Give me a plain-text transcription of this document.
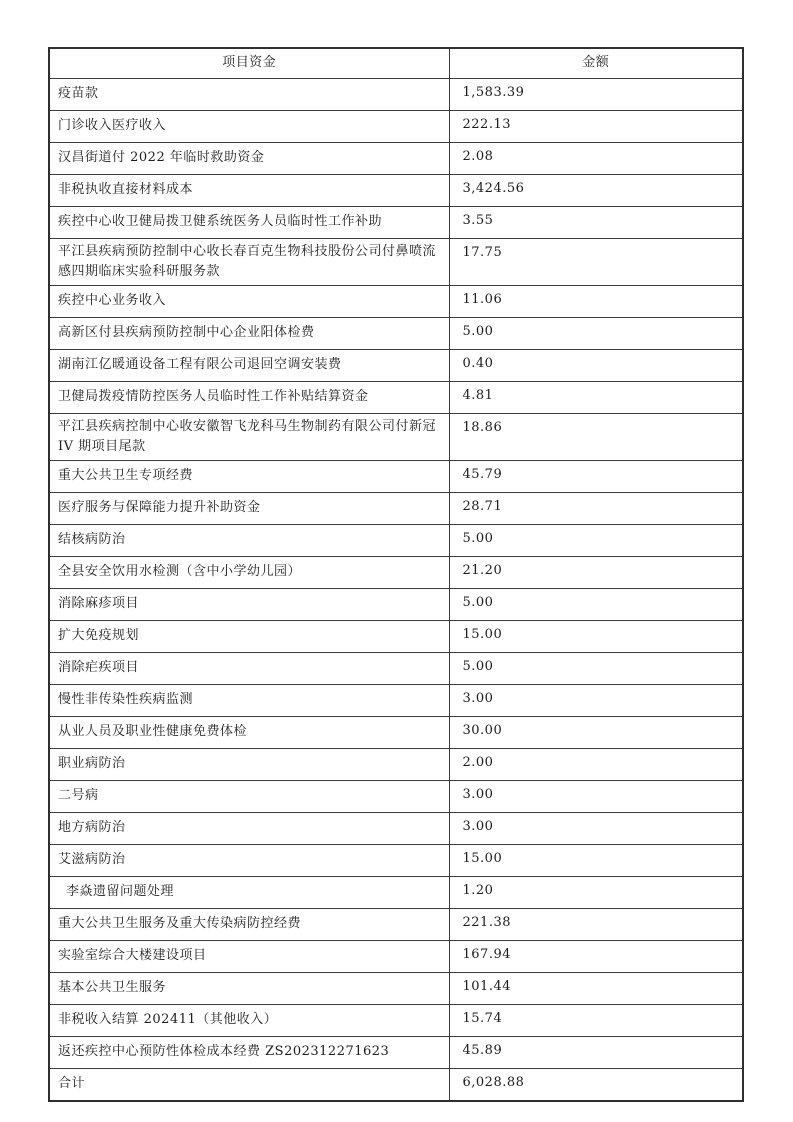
项目资金	金额
疫苗款	1,583.39
门诊收入医疗收入	222.13
汉昌街道付 2022 年临时救助资金	2.08
非税执收直接材料成本	3,424.56
疾控中心收卫健局拨卫健系统医务人员临时性工作补助	3.55
平江县疾病预防控制中心收长春百克生物科技股份公司付鼻喷流感四期临床实验科研服务款	17.75
疾控中心业务收入	11.06
高新区付县疾病预防控制中心企业阳体检费	5.00
湖南江亿暖通设备工程有限公司退回空调安装费	0.40
卫健局拨疫情防控医务人员临时性工作补贴结算资金	4.81
平江县疾病控制中心收安徽智飞龙科马生物制药有限公司付新冠 IV 期项目尾款	18.86
重大公共卫生专项经费	45.79
医疗服务与保障能力提升补助资金	28.71
结核病防治	5.00
全县安全饮用水检测（含中小学幼儿园）	21.20
消除麻疹项目	5.00
扩大免疫规划	15.00
消除疟疾项目	5.00
慢性非传染性疾病监测	3.00
从业人员及职业性健康免费体检	30.00
职业病防治	2.00
二号病	3.00
地方病防治	3.00
艾滋病防治	15.00
李焱遗留问题处理	1.20
重大公共卫生服务及重大传染病防控经费	221.38
实验室综合大楼建设项目	167.94
基本公共卫生服务	101.44
非税收入结算 202411（其他收入）	15.74
返还疾控中心预防性体检成本经费 ZS202312271623	45.89
合计	6,028.88
